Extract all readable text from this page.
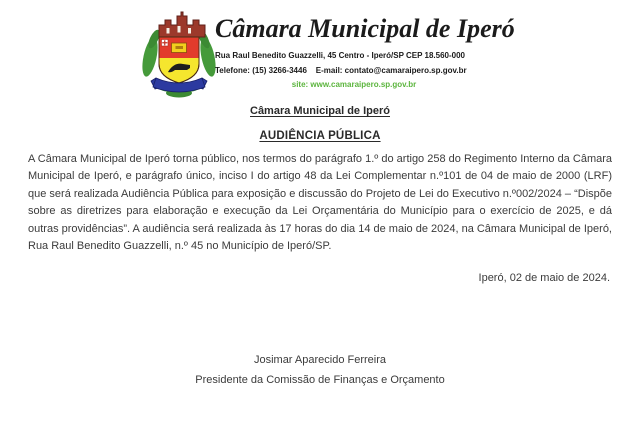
Câmara Municipal de Iperó
Rua Raul Benedito Guazzelli, 45 Centro - Iperó/SP CEP 18.560-000
Telefone: (15) 3266-3446    E-mail: contato@camaraipero.sp.gov.br
site: www.camaraipero.sp.gov.br
Câmara Municipal de Iperó
AUDIÊNCIA PÚBLICA

A Câmara Municipal de Iperó torna público, nos termos do parágrafo 1.º do artigo 258 do Regimento Interno da Câmara Municipal de Iperó, e parágrafo único, inciso I do artigo 48 da Lei Complementar n.º101 de 04 de maio de 2000 (LRF) que será realizada Audiência Pública para exposição e discussão do Projeto de Lei do Executivo n.º002/2024 – “Dispõe sobre as diretrizes para elaboração e execução da Lei Orçamentária do Município para o exercício de 2025, e dá outras providências”. A audiência será realizada às 17 horas do dia 14 de maio de 2024, na Câmara Municipal de Iperó, Rua Raul Benedito Guazzelli, n.º 45 no Município de Iperó/SP.

Iperó, 02 de maio de 2024.
Josimar Aparecido Ferreira
Presidente da Comissão de Finanças e Orçamento
